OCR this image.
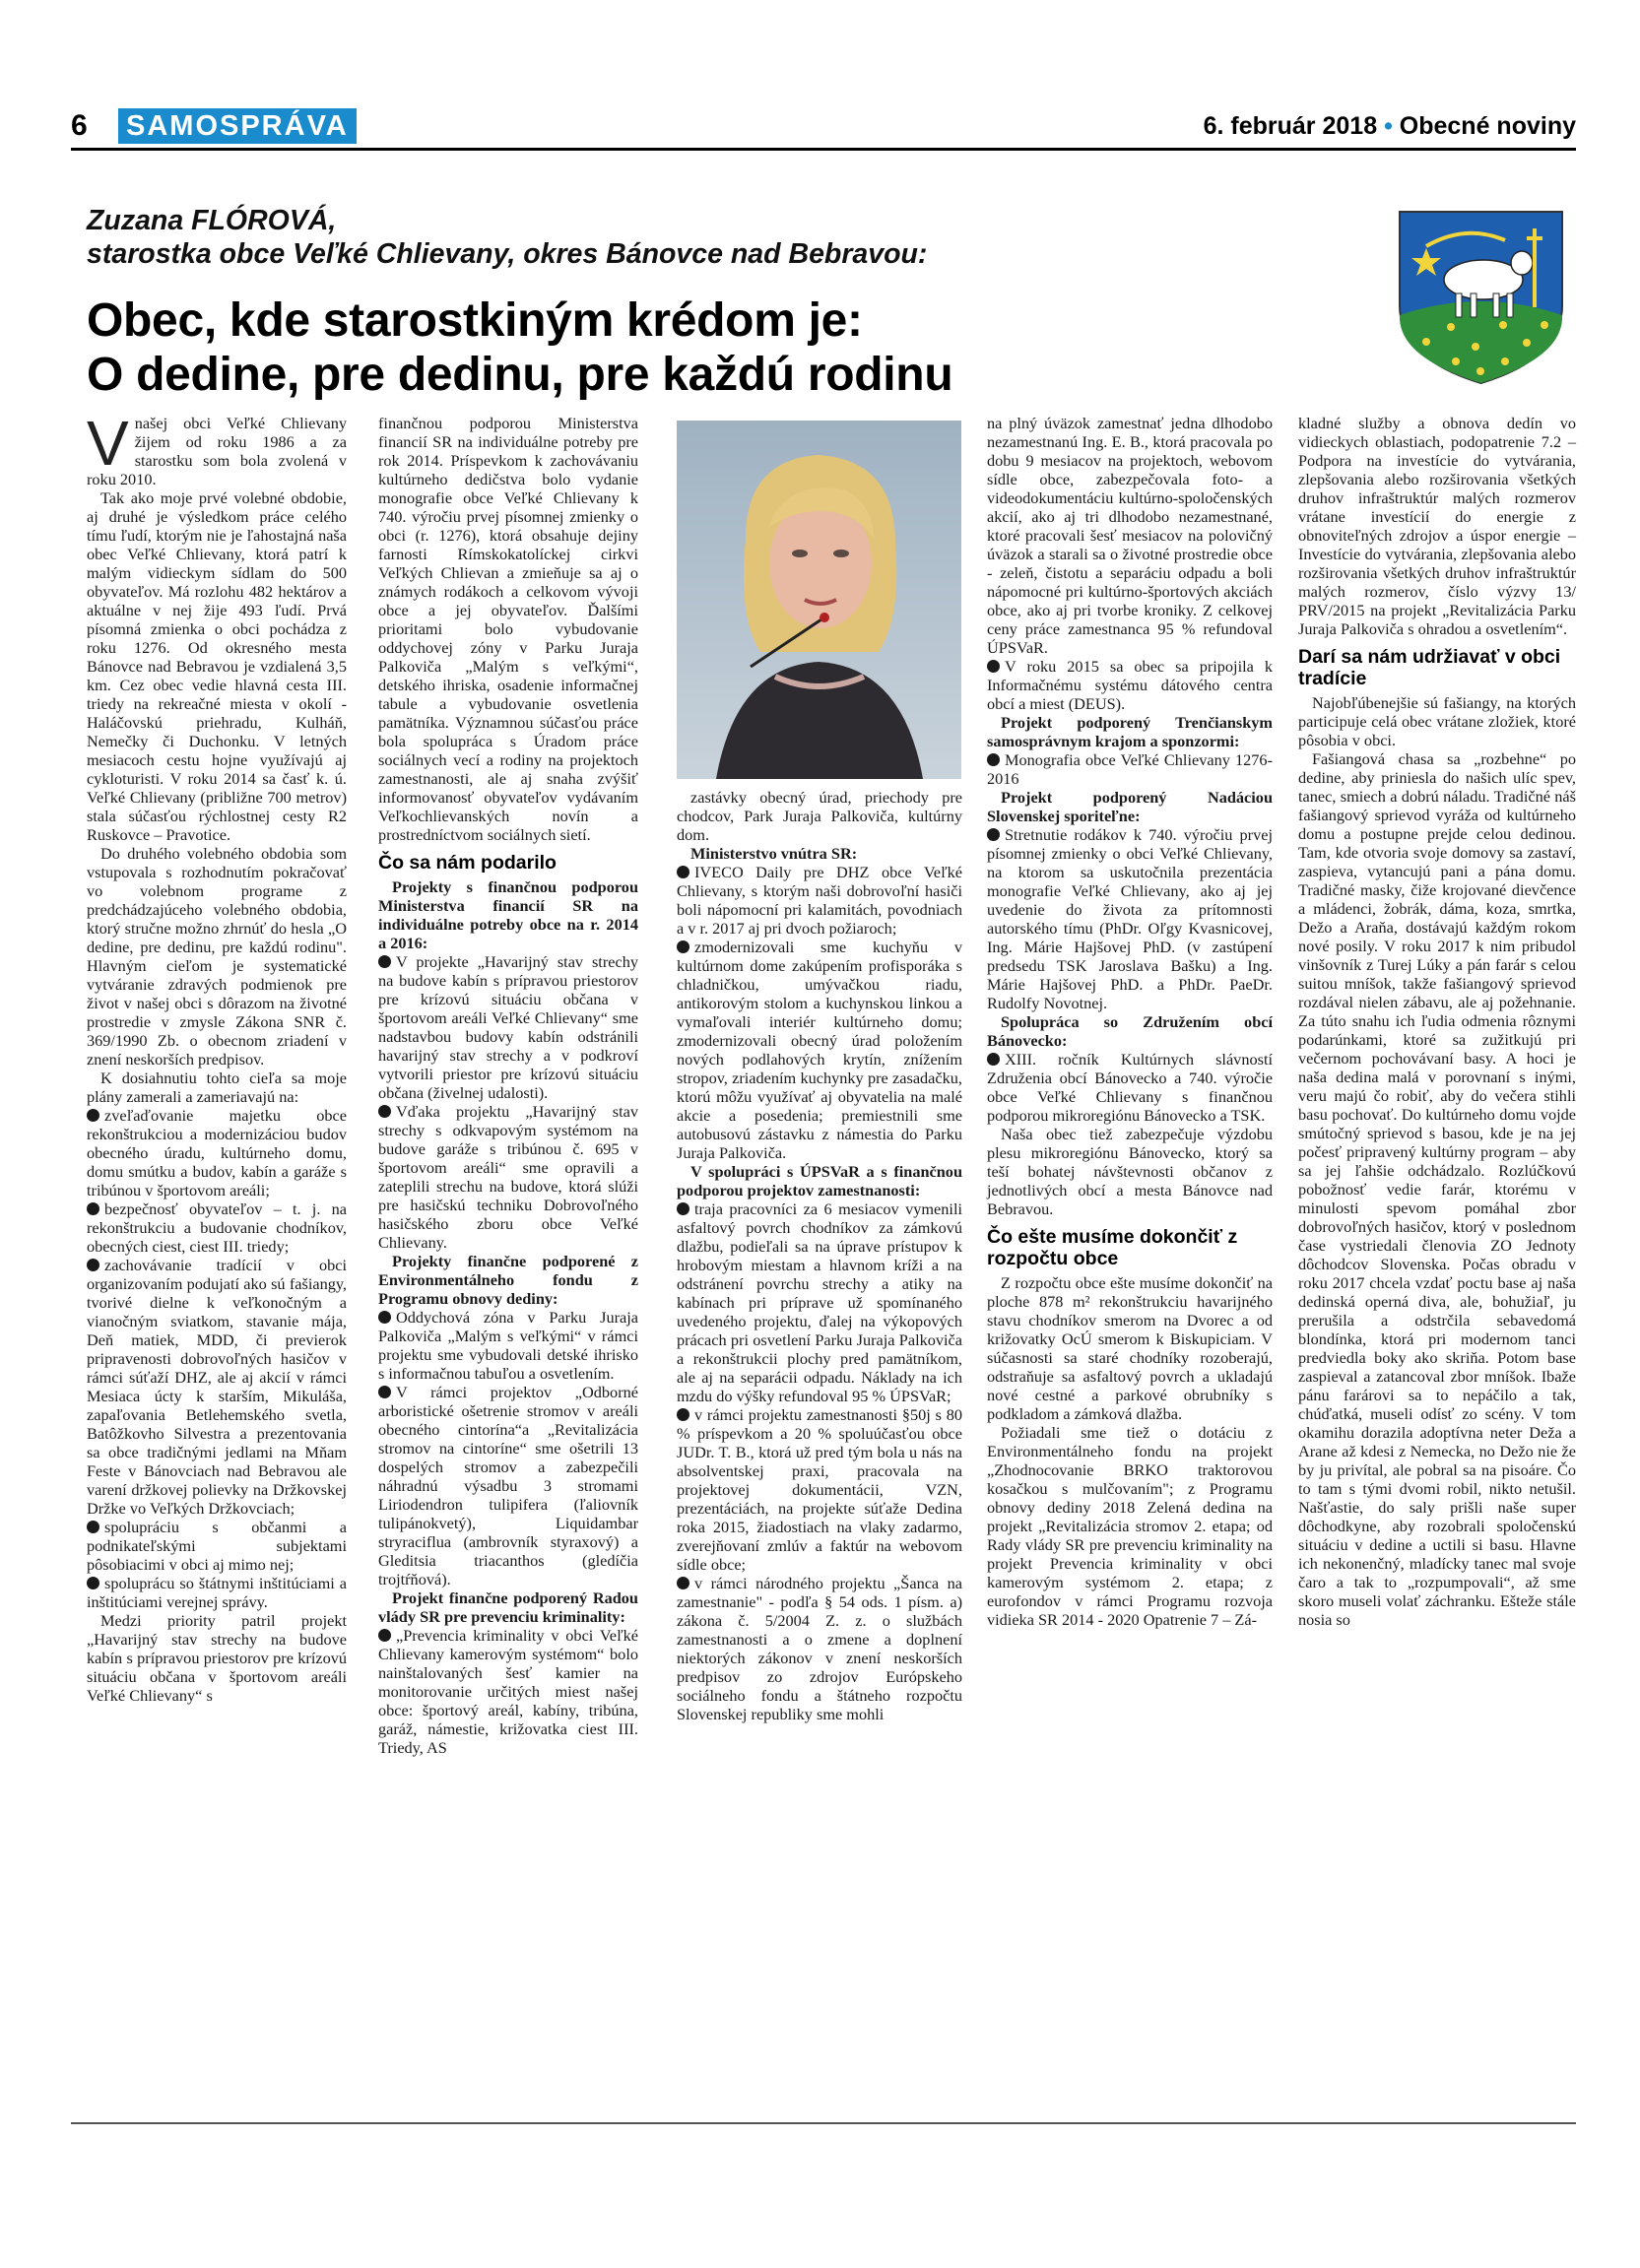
6 SAMOSPRÁVA	6. február 2018 • Obecné noviny
Zuzana FLÓROVÁ,
starostka obce Veľké Chlievany, okres Bánovce nad Bebravou:
Obec, kde starostkiným krédom je:
O dedine, pre dedinu, pre každú rodinu

Vnašej obci Veľké Chlievany žijem od roku 1986 a za starostku som bola zvolená v roku 2010.

Tak ako moje prvé volebné obdobie, aj druhé je výsledkom práce celého tímu ľudí, ktorým nie je ľahostajná naša obec Veľké Chlievany, ktorá patrí k malým vidieckym sídlam do 500 obyvateľov. Má rozlohu 482 hektárov a aktuálne v nej žije 493 ľudí. Prvá písomná zmienka o obci pochádza z roku 1276. Od okresného mesta Bánovce nad Bebravou je vzdialená 3,5 km. Cez obec vedie hlavná cesta III. triedy na rekreačné miesta v okolí - Haláčovskú priehradu, Kulháň, Nemečky či Duchonku. V letných mesiacoch cestu hojne využívajú aj cykloturisti. V roku 2014 sa časť k. ú. Veľké Chlievany (približne 700 metrov) stala súčasťou rýchlostnej cesty R2 Ruskovce – Pravotice.

Do druhého volebného obdobia som vstupovala s rozhodnutím pokračovať vo volebnom programe z predchádzajúceho volebného obdobia, ktorý stručne možno zhrnúť do hesla „O dedine, pre dedinu, pre každú rodinu". Hlavným cieľom je systematické vytváranie zdravých podmienok pre život v našej obci s dôrazom na životné prostredie v zmysle Zákona SNR č. 369/1990 Zb. o obecnom zriadení v znení neskorších predpisov.

K dosiahnutiu tohto cieľa sa moje plány zamerali a zameriavajú na:

zveľaďovanie majetku obce rekonštrukciou a modernizáciou budov obecného úradu, kultúrneho domu, domu smútku a budov, kabín a garáže s tribúnou v športovom areáli;

bezpečnosť obyvateľov – t. j. na rekonštrukciu a budovanie chodníkov, obecných ciest, ciest III. triedy;

zachovávanie tradícií v obci organizovaním podujatí ako sú fašiangy, tvorivé dielne k veľkonočným a vianočným sviatkom, stavanie mája, Deň matiek, MDD, či previerok pripravenosti dobrovoľných hasičov v rámci súťaží DHZ, ale aj akcií v rámci Mesiaca úcty k starším, Mikuláša, zapaľovania Betlehemského svetla, Batôžkovho Silvestra a prezentovania sa obce tradičnými jedlami na Mňam Feste v Bánovciach nad Bebravou ale varení držkovej polievky na Držkovskej Držke vo Veľkých Držkovciach;

spolupráciu s občanmi a podnikateľskými subjektami pôsobiacimi v obci aj mimo nej;

spoluprácu so štátnymi inštitúciami a inštitúciami verejnej správy.

Medzi priority patril projekt „Havarijný stav strechy na budove kabín s prípravou priestorov pre krízovú situáciu občana v športovom areáli Veľké Chlievany“ s

finančnou podporou Ministerstva financií SR na individuálne potreby pre rok 2014. Príspevkom k zachovávaniu kultúrneho dedičstva bolo vydanie monografie obce Veľké Chlievany k 740. výročiu prvej písomnej zmienky o obci (r. 1276), ktorá obsahuje dejiny farnosti Rímskokatolíckej cirkvi Veľkých Chlievan a zmieňuje sa aj o známych rodákoch a celkovom vývoji obce a jej obyvateľov. Ďalšími prioritami bolo vybudovanie oddychovej zóny v Parku Juraja Palkoviča „Malým s veľkými“, detského ihriska, osadenie informačnej tabule a vybudovanie osvetlenia pamätníka. Významnou súčasťou práce bola spolupráca s Úradom práce sociálnych vecí a rodiny na projektoch zamestnanosti, ale aj snaha zvýšiť informovanosť obyvateľov vydávaním Veľkochlievanských novín a prostredníctvom sociálnych sietí.

Čo sa nám podarilo

Projekty s finančnou podporou Ministerstva financií SR na individuálne potreby obce na r. 2014 a 2016:

V projekte „Havarijný stav strechy na budove kabín s prípravou priestorov pre krízovú situáciu občana v športovom areáli Veľké Chlievany“ sme nadstavbou budovy kabín odstránili havarijný stav strechy a v podkroví vytvorili priestor pre krízovú situáciu občana (živelnej udalosti).

Vďaka projektu „Havarijný stav strechy s odkvapovým systémom na budove garáže s tribúnou č. 695 v športovom areáli“ sme opravili a zateplili strechu na budove, ktorá slúži pre hasičskú techniku Dobrovoľného hasičského zboru obce Veľké Chlievany.

Projekty finančne podporené z Environmentálneho fondu z Programu obnovy dediny:

Oddychová zóna v Parku Juraja Palkoviča „Malým s veľkými“ v rámci projektu sme vybudovali detské ihrisko s informačnou tabuľou a osvetlením.

V rámci projektov „Odborné arboristické ošetrenie stromov v areáli obecného cintorína“a „Revitalizácia stromov na cintoríne“ sme ošetrili 13 dospelých stromov a zabezpečili náhradnú výsadbu 3 stromami Liriodendron tulipifera (ľaliovník tulipánokvetý), Liquidambar stryraciflua (ambrovník styraxový) a Gleditsia triacanthos (gledíčia trojtŕňová).

Projekt finančne podporený Radou vlády SR pre prevenciu kriminality:

„Prevencia kriminality v obci Veľké Chlievany kamerovým systémom“ bolo nainštalovaných šesť kamier na monitorovanie určitých miest našej obce: športový areál, kabíny, tribúna, garáž, námestie, križovatka ciest III. Triedy, AS

zastávky obecný úrad, priechody pre chodcov, Park Juraja Palkoviča, kultúrny dom.

Ministerstvo vnútra SR:

IVECO Daily pre DHZ obce Veľké Chlievany, s ktorým naši dobrovoľní hasiči boli nápomocní pri kalamitách, povodniach a v r. 2017 aj pri dvoch požiaroch;

zmodernizovali sme kuchyňu v kultúrnom dome zakúpením profisporáka s chladničkou, umývačkou riadu, antikorovým stolom a kuchynskou linkou a vymaľovali interiér kultúrneho domu; zmodernizovali obecný úrad položením nových podlahových krytín, znížením stropov, zriadením kuchynky pre zasadačku, ktorú môžu využívať aj obyvatelia na malé akcie a posedenia; premiestnili sme autobusovú zástavku z námestia do Parku Juraja Palkoviča.

V spolupráci s ÚPSVaR a s finančnou podporou projektov zamestnanosti:

traja pracovníci za 6 mesiacov vymenili asfaltový povrch chodníkov za zámkovú dlažbu, podieľali sa na úprave prístupov k hrobovým miestam a hlavnom kríži a na odstránení povrchu strechy a atiky na kabínach pri príprave už spomínaného uvedeného projektu, ďalej na výkopových prácach pri osvetlení Parku Juraja Palkoviča a rekonštrukcii plochy pred pamätníkom, ale aj na separácii odpadu. Náklady na ich mzdu do výšky refundoval 95 % ÚPSVaR;

v rámci projektu zamestnanosti §50j s 80 % príspevkom a 20 % spoluúčasťou obce JUDr. T. B., ktorá už pred tým bola u nás na absolventskej praxi, pracovala na projektovej dokumentácii, VZN, prezentáciách, na projekte súťaže Dedina roka 2015, žiadostiach na vlaky zadarmo, zverejňovaní zmlúv a faktúr na webovom sídle obce;

v rámci národného projektu „Šanca na zamestnanie" - podľa § 54 ods. 1 písm. a) zákona č. 5/2004 Z. z. o službách zamestnanosti a o zmene a doplnení niektorých zákonov v znení neskorších predpisov zo zdrojov Európskeho sociálneho fondu a štátneho rozpočtu Slovenskej republiky sme mohli

na plný úväzok zamestnať jedna dlhodobo nezamestnanú Ing. E. B., ktorá pracovala po dobu 9 mesiacov na projektoch, webovom sídle obce, zabezpečovala foto- a videodokumentáciu kultúrno-spoločenských akcií, ako aj tri dlhodobo nezamestnané, ktoré pracovali šesť mesiacov na polovičný úväzok a starali sa o životné prostredie obce - zeleň, čistotu a separáciu odpadu a boli nápomocné pri kultúrno-športových akciách obce, ako aj pri tvorbe kroniky. Z celkovej ceny práce zamestnanca 95 % refundoval ÚPSVaR.

V roku 2015 sa obec sa pripojila k Informačnému systému dátového centra obcí a miest (DEUS).

Projekt podporený Trenčianskym samosprávnym krajom a sponzormi:

Monografia obce Veľké Chlievany 1276-2016

Projekt podporený Nadáciou Slovenskej sporiteľne:

Stretnutie rodákov k 740. výročiu prvej písomnej zmienky o obci Veľké Chlievany, na ktorom sa uskutočnila prezentácia monografie Veľké Chlievany, ako aj jej uvedenie do života za prítomnosti autorského tímu (PhDr. Oľgy Kvasnicovej, Ing. Márie Hajšovej PhD. (v zastúpení predsedu TSK Jaroslava Bašku) a Ing. Márie Hajšovej PhD. a PhDr. PaeDr. Rudolfy Novotnej.

Spolupráca so Združením obcí Bánovecko:

XIII. ročník Kultúrnych slávností Združenia obcí Bánovecko a 740. výročie obce Veľké Chlievany s finančnou podporou mikroregiónu Bánovecko a TSK.

Naša obec tiež zabezpečuje výzdobu plesu mikroregiónu Bánovecko, ktorý sa teší bohatej návštevnosti občanov z jednotlivých obcí a mesta Bánovce nad Bebravou.

Čo ešte musíme dokončiť z rozpočtu obce

Z rozpočtu obce ešte musíme dokončiť na ploche 878 m² rekonštrukciu havarijného stavu chodníkov smerom na Dvorec a od križovatky OcÚ smerom k Biskupiciam. V súčasnosti sa staré chodníky rozoberajú, odstraňuje sa asfaltový povrch a ukladajú nové cestné a parkové obrubníky s podkladom a zámková dlažba.

Požiadali sme tiež o dotáciu z Environmentálneho fondu na projekt „Zhodnocovanie BRKO traktorovou kosačkou s mulčovaním"; z Programu obnovy dediny 2018 Zelená dedina na projekt „Revitalizácia stromov 2. etapa; od Rady vlády SR pre prevenciu kriminality na projekt Prevencia kriminality v obci kamerovým systémom 2. etapa; z eurofondov v rámci Programu rozvoja vidieka SR 2014 - 2020 Opatrenie 7 – Zá-

kladné služby a obnova dedín vo vidieckych oblastiach, podopatrenie 7.2 – Podpora na investície do vytvárania, zlepšovania alebo rozširovania všetkých druhov infraštruktúr malých rozmerov vrátane investícií do energie z obnoviteľných zdrojov a úspor energie – Investície do vytvárania, zlepšovania alebo rozširovania všetkých druhov infraštruktúr malých rozmerov, číslo výzvy 13/ PRV/2015 na projekt „Revitalizácia Parku Juraja Palkoviča s ohradou a osvetlením“.

Darí sa nám udržiavať v obci tradície

Najobľúbenejšie sú fašiangy, na ktorých participuje celá obec vrátane zložiek, ktoré pôsobia v obci.

Fašiangová chasa sa „rozbehne“ po dedine, aby priniesla do našich ulíc spev, tanec, smiech a dobrú náladu. Tradičné náš fašiangový sprievod vyráža od kultúrneho domu a postupne prejde celou dedinou. Tam, kde otvoria svoje domovy sa zastaví, zaspieva, vytancujú pani a pána domu. Tradičné masky, čiže krojované dievčence a mládenci, žobrák, dáma, koza, smrtka, Dežo a Araňa, dostávajú každým rokom nové posily. V roku 2017 k nim pribudol vinšovník z Turej Lúky a pán farár s celou suitou mníšok, takže fašiangový sprievod rozdával nielen zábavu, ale aj požehnanie. Za túto snahu ich ľudia odmenia rôznymi podarúnkami, ktoré sa zužitkujú pri večernom pochovávaní basy. A hoci je naša dedina malá v porovnaní s inými, veru majú čo robiť, aby do večera stihli basu pochovať. Do kultúrneho domu vojde smútočný sprievod s basou, kde je na jej počesť pripravený kultúrny program – aby sa jej ľahšie odchádzalo. Rozlúčkovú pobožnosť vedie farár, ktorému v minulosti spevom pomáhal zbor dobrovoľných hasičov, ktorý v poslednom čase vystriedali členovia ZO Jednoty dôchodcov Slovenska. Počas obradu v roku 2017 chcela vzdať poctu base aj naša dedinská operná diva, ale, bohužiaľ, ju prerušila a odstrčila sebavedomá blondínka, ktorá pri modernom tanci predviedla boky ako skriňa. Potom base zaspieval a zatancoval zbor mníšok. Ibaže pánu farárovi sa to nepáčilo a tak, chúďatká, museli odísť zo scény. V tom okamihu dorazila adoptívna neter Deža a Arane až kdesi z Nemecka, no Dežo nie že by ju privítal, ale pobral sa na pisoáre. Čo to tam s tými dvomi robil, nikto netušil. Našťastie, do saly prišli naše super dôchodkyne, aby rozobrali spoločenskú situáciu v dedine a uctili si basu. Hlavne ich nekonenčný, mladícky tanec mal svoje čaro a tak to „rozpumpovali“, až sme skoro museli volať záchranku. Ešteže stále nosia so
